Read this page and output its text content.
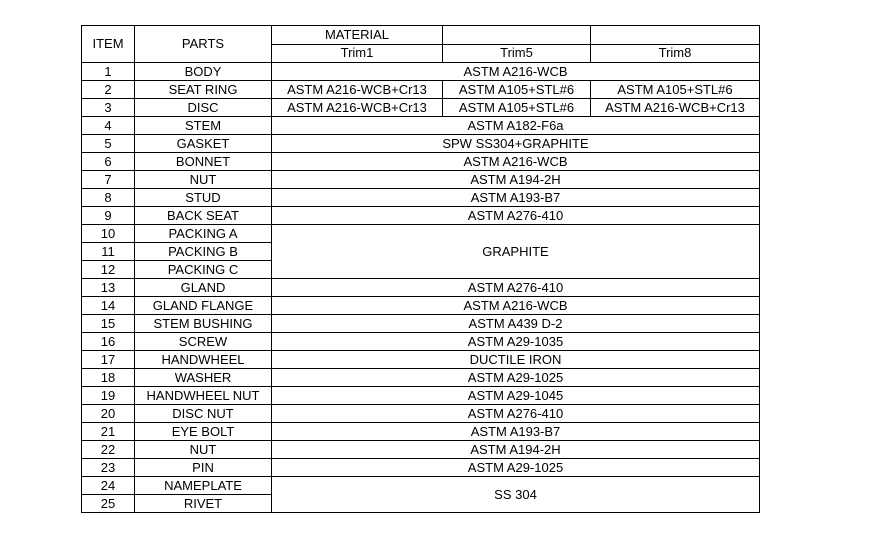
ITEM	PARTS	MATERIAL		
		Trim1	Trim5	Trim8
1	BODY	ASTM A216-WCB		
2	SEAT RING	ASTM A216-WCB+Cr13	ASTM A105+STL#6	ASTM A105+STL#6
3	DISC	ASTM A216-WCB+Cr13	ASTM A105+STL#6	ASTM A216-WCB+Cr13
4	STEM	ASTM A182-F6a		
5	GASKET	SPW SS304+GRAPHITE		
6	BONNET	ASTM A216-WCB		
7	NUT	ASTM A194-2H		
8	STUD	ASTM A193-B7		
9	BACK SEAT	ASTM A276-410		
10	PACKING A	GRAPHITE		
11	PACKING B			
12	PACKING C			
13	GLAND	ASTM A276-410		
14	GLAND FLANGE	ASTM A216-WCB		
15	STEM BUSHING	ASTM A439 D-2		
16	SCREW	ASTM A29-1035		
17	HANDWHEEL	DUCTILE IRON		
18	WASHER	ASTM A29-1025		
19	HANDWHEEL NUT	ASTM A29-1045		
20	DISC NUT	ASTM A276-410		
21	EYE BOLT	ASTM A193-B7		
22	NUT	ASTM A194-2H		
23	PIN	ASTM A29-1025		
24	NAMEPLATE	SS 304		
25	RIVET			
